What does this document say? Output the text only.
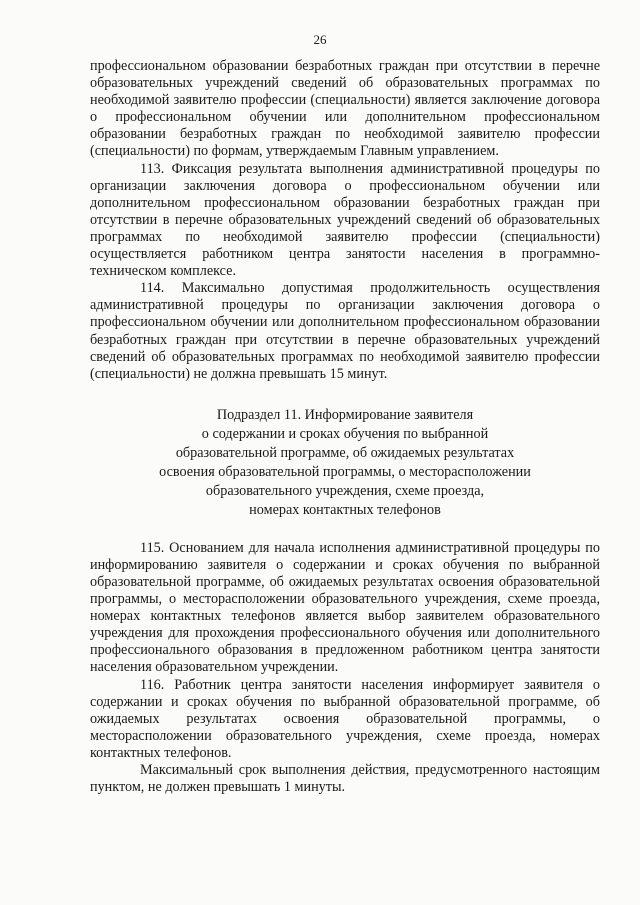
26

профессиональном образовании безработных граждан при отсутствии в перечне образовательных учреждений сведений об образовательных программах по необходимой заявителю профессии (специальности) является заключение договора о профессиональном обучении или дополнительном профессиональном образовании безработных граждан по необходимой заявителю профессии (специальности) по формам, утверждаемым Главным управлением.

113. Фиксация результата выполнения административной процедуры по организации заключения договора о профессиональном обучении или дополнительном профессиональном образовании безработных граждан при отсутствии в перечне образовательных учреждений сведений об образовательных программах по необходимой заявителю профессии (специальности) осуществляется работником центра занятости населения в программно-техническом комплексе.

114. Максимально допустимая продолжительность осуществления административной процедуры по организации заключения договора о профессиональном обучении или дополнительном профессиональном образовании безработных граждан при отсутствии в перечне образовательных учреждений сведений об образовательных программах по необходимой заявителю профессии (специальности) не должна превышать 15 минут.

Подраздел 11. Информирование заявителя
о содержании и сроках обучения по выбранной
образовательной программе, об ожидаемых результатах
освоения образовательной программы, о месторасположении
образовательного учреждения, схеме проезда,
номерах контактных телефонов

115. Основанием для начала исполнения административной процедуры по информированию заявителя о содержании и сроках обучения по выбранной образовательной программе, об ожидаемых результатах освоения образовательной программы, о месторасположении образовательного учреждения, схеме проезда, номерах контактных телефонов является выбор заявителем образовательного учреждения для прохождения профессионального обучения или дополнительного профессионального образования в предложенном работником центра занятости населения образовательном учреждении.

116. Работник центра занятости населения информирует заявителя о содержании и сроках обучения по выбранной образовательной программе, об ожидаемых результатах освоения образовательной программы, о месторасположении образовательного учреждения, схеме проезда, номерах контактных телефонов.

Максимальный срок выполнения действия, предусмотренного настоящим пунктом, не должен превышать 1 минуты.
